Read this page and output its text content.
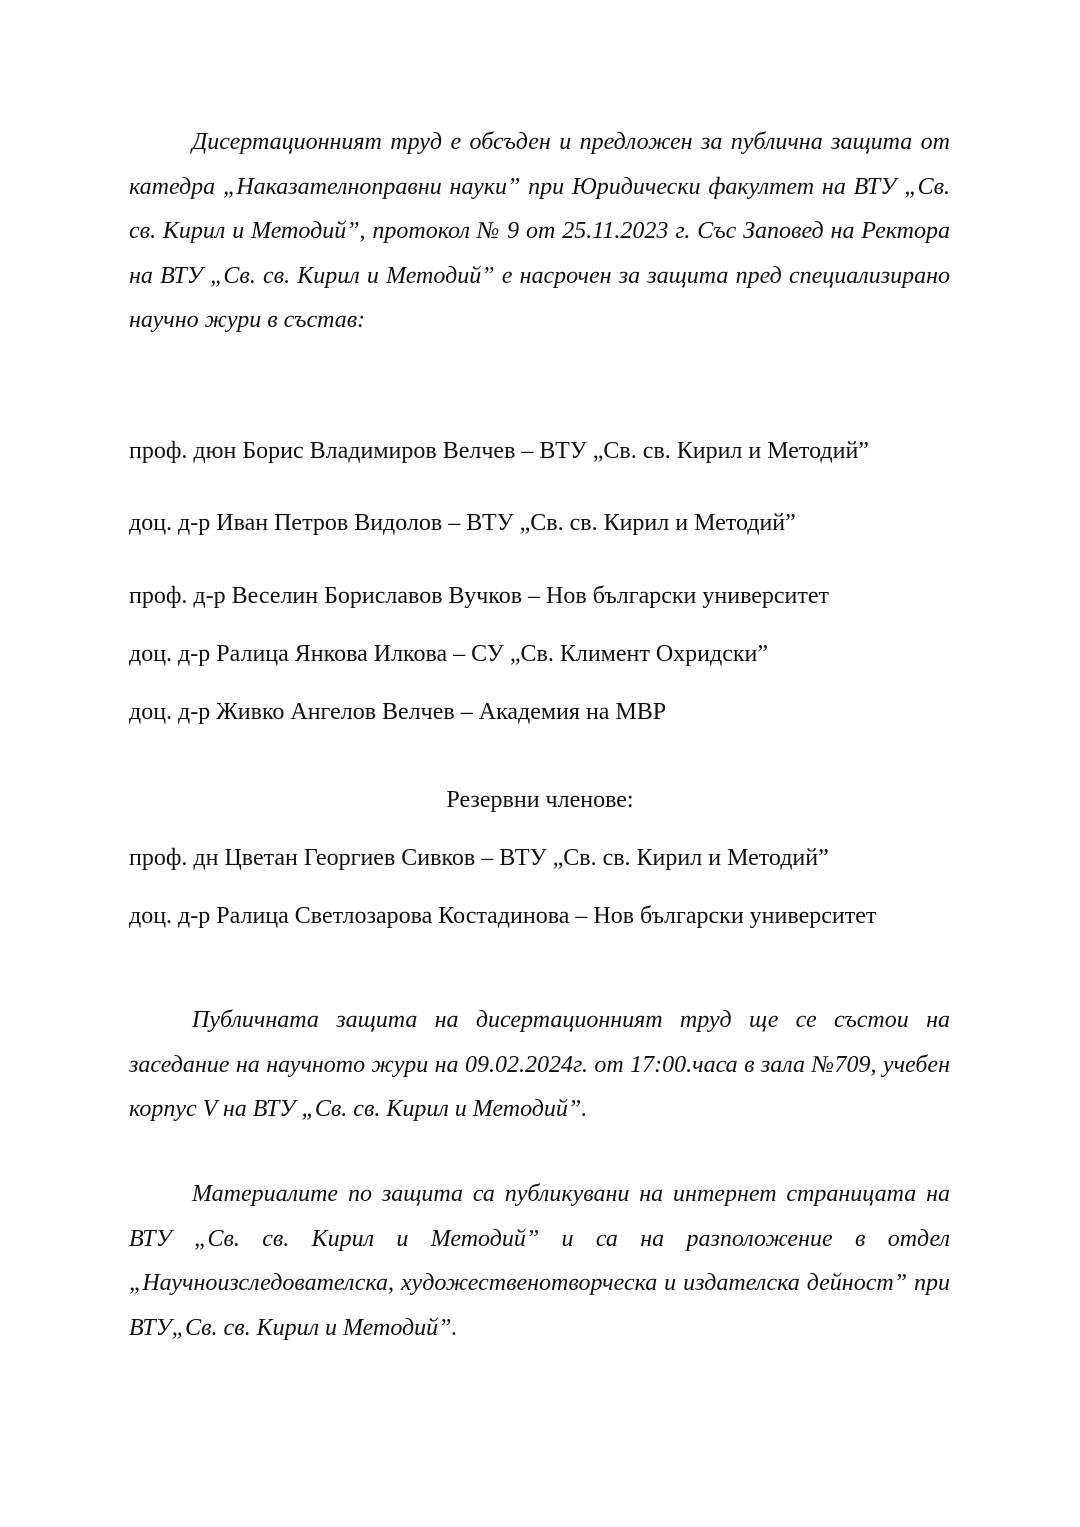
Дисертационният труд е обсъден и предложен за публична защита от катедра „Наказателноправни науки” при Юридически факултет на ВТУ „Св. св. Кирил и Методий”, протокол № 9 от 25.11.2023 г. Със Заповед на Ректора на ВТУ „Св. св. Кирил и Методий” е насрочен за защита пред специализирано научно жури в състав:

проф. дюн Борис Владимиров Велчев – ВТУ „Св. св. Кирил и Методий”

доц. д-р Иван Петров Видолов – ВТУ „Св. св. Кирил и Методий”

проф. д-р Веселин Бориславов Вучков – Нов български университет

доц. д-р Ралица Янкова Илкова – СУ „Св. Климент Охридски”

доц. д-р Живко Ангелов Велчев – Академия на МВР

Резервни членове:

проф. дн Цветан Георгиев Сивков – ВТУ „Св. св. Кирил и Методий”

доц. д-р Ралица Светлозарова Костадинова – Нов български университет

Публичната защита на дисертационният труд ще се състои на заседание на научното жури на 09.02.2024г. от 17:00.часа в зала №709, учебен корпус V на ВТУ „Св. св. Кирил и Методий”.

Материалите по защита са публикувани на интернет страницата на ВТУ „Св. св. Кирил и Методий” и са на разположение в отдел „Научноизследователска, художественотворческа и издателска дейност” при ВТУ„Св. св. Кирил и Методий”.
